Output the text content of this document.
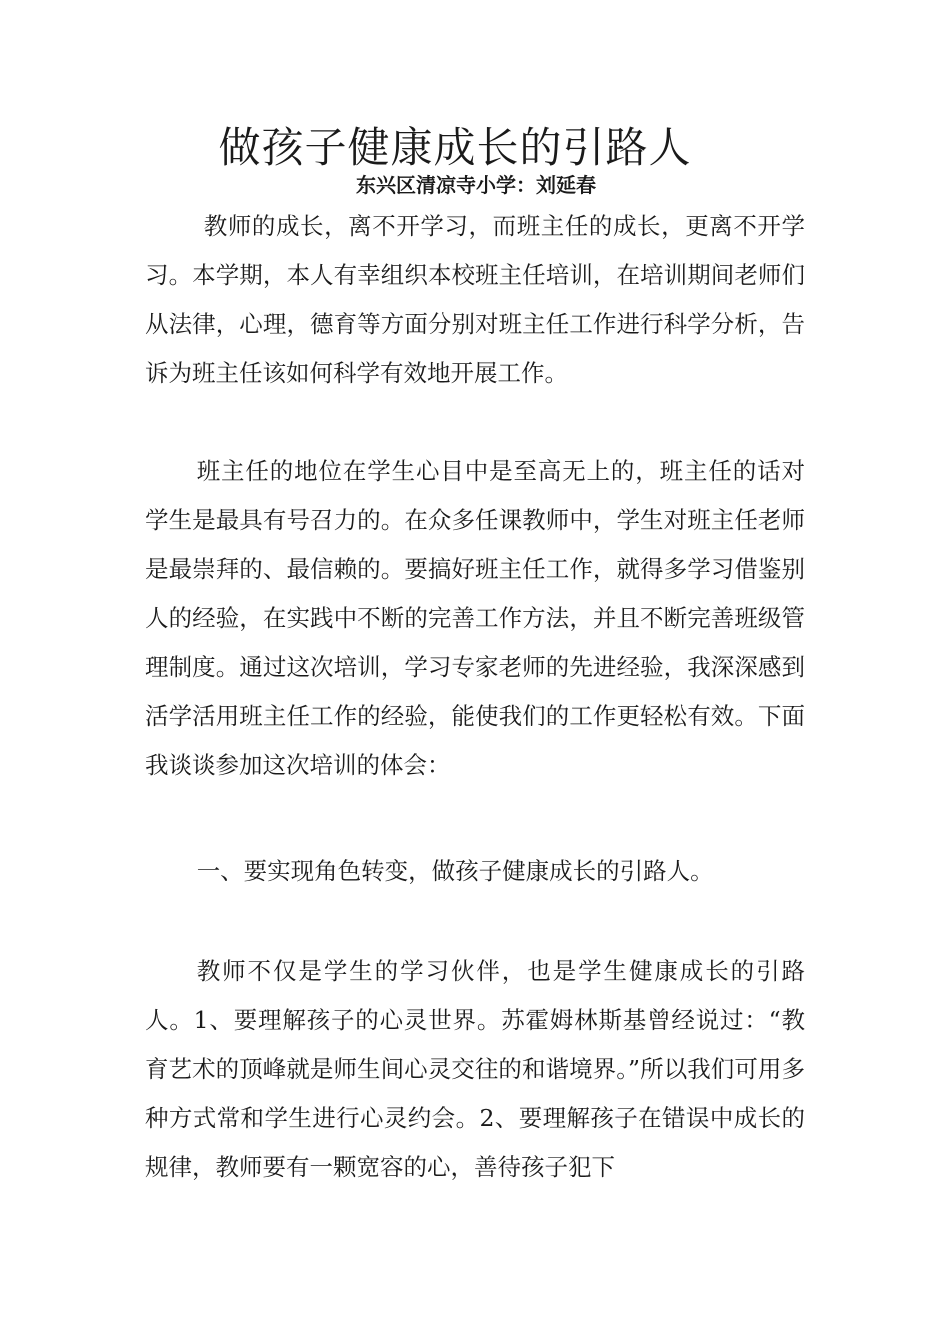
做孩子健康成长的引路人
东兴区清凉寺小学：刘延春

教师的成长，离不开学习，而班主任的成长，更离不开学习。本学期，本人有幸组织本校班主任培训，在培训期间老师们从法律，心理，德育等方面分别对班主任工作进行科学分析，告诉为班主任该如何科学有效地开展工作。

班主任的地位在学生心目中是至高无上的，班主任的话对学生是最具有号召力的。在众多任课教师中，学生对班主任老师是最崇拜的、最信赖的。要搞好班主任工作，就得多学习借鉴别人的经验，在实践中不断的完善工作方法，并且不断完善班级管理制度。通过这次培训，学习专家老师的先进经验，我深深感到活学活用班主任工作的经验，能使我们的工作更轻松有效。下面我谈谈参加这次培训的体会：

一、要实现角色转变，做孩子健康成长的引路人。

教师不仅是学生的学习伙伴，也是学生健康成长的引路人。1、要理解孩子的心灵世界。苏霍姆林斯基曾经说过：“教育艺术的顶峰就是师生间心灵交往的和谐境界。”所以我们可用多种方式常和学生进行心灵约会。2、要理解孩子在错误中成长的规律，教师要有一颗宽容的心，善待孩子犯下
